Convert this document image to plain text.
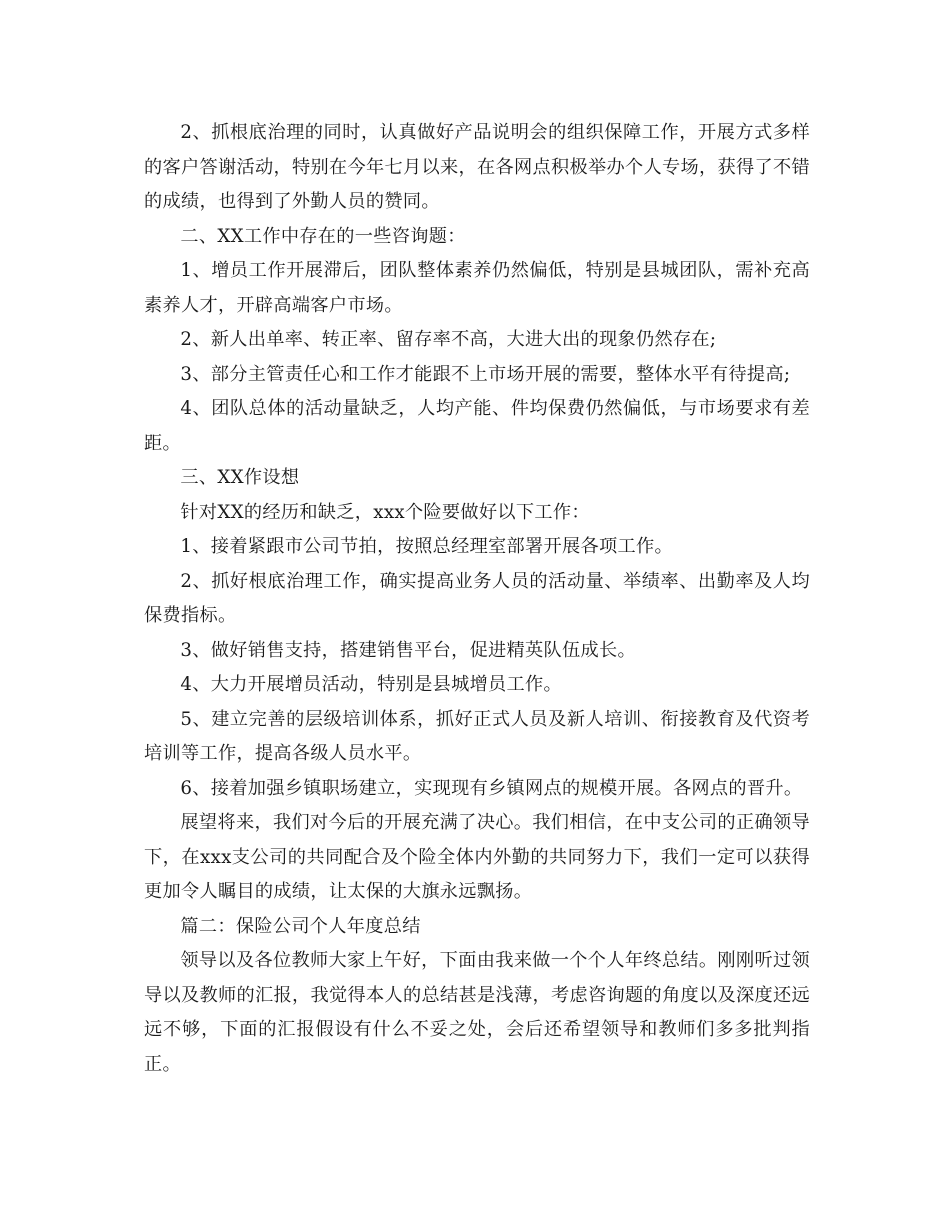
2、抓根底治理的同时，认真做好产品说明会的组织保障工作，开展方式多样的客户答谢活动，特别在今年七月以来，在各网点积极举办个人专场，获得了不错的成绩，也得到了外勤人员的赞同。

二、XX工作中存在的一些咨询题：

1、增员工作开展滞后，团队整体素养仍然偏低，特别是县城团队，需补充高素养人才，开辟高端客户市场。

2、新人出单率、转正率、留存率不高，大进大出的现象仍然存在;

3、部分主管责任心和工作才能跟不上市场开展的需要，整体水平有待提高;

4、团队总体的活动量缺乏，人均产能、件均保费仍然偏低，与市场要求有差距。

三、XX作设想

针对XX的经历和缺乏，xxx个险要做好以下工作：

1、接着紧跟市公司节拍，按照总经理室部署开展各项工作。

2、抓好根底治理工作，确实提高业务人员的活动量、举绩率、出勤率及人均保费指标。

3、做好销售支持，搭建销售平台，促进精英队伍成长。

4、大力开展增员活动，特别是县城增员工作。

5、建立完善的层级培训体系，抓好正式人员及新人培训、衔接教育及代资考培训等工作，提高各级人员水平。

6、接着加强乡镇职场建立，实现现有乡镇网点的规模开展。各网点的晋升。

展望将来，我们对今后的开展充满了决心。我们相信，在中支公司的正确领导下，在xxx支公司的共同配合及个险全体内外勤的共同努力下，我们一定可以获得更加令人瞩目的成绩，让太保的大旗永远飘扬。

篇二：保险公司个人年度总结

领导以及各位教师大家上午好，下面由我来做一个个人年终总结。刚刚听过领导以及教师的汇报，我觉得本人的总结甚是浅薄，考虑咨询题的角度以及深度还远远不够，下面的汇报假设有什么不妥之处，会后还希望领导和教师们多多批判指正。
